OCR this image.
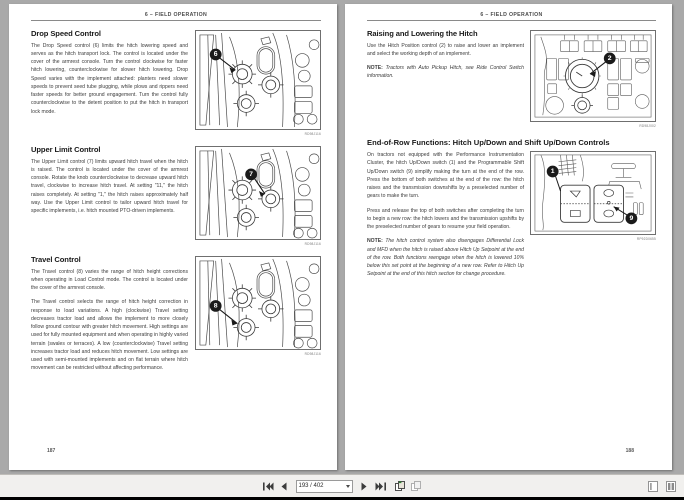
6 – FIELD OPERATION
Drop Speed Control

The Drop Speed control (6) limits the hitch lowering speed and serves as the hitch transport lock. The control is located under the cover of the armrest console. Turn the control clockwise for faster hitch lowering, counterclockwise for slower hitch lowering. Drop Speed varies with the implement attached: planters need slower speeds to prevent seed tube plugging, while plows and rippers need faster speeds for better ground engagement. Turn the control fully counterclockwise to the detent position to put the hitch in transport lock mode.

6
RD98J116
Upper Limit Control

The Upper Limit control (7) limits upward hitch travel when the hitch is raised. The control is located under the cover of the armrest console. Rotate the knob counterclockwise to decrease upward hitch travel, clockwise to increase hitch travel. At setting "11," the hitch raises completely. At setting "1," the hitch raises approximately half way. Use the Upper Limit control to tailor upward hitch travel for specific implements, i.e. hitch mounted PTO-driven implements.

7
RD98J116
Travel Control

The Travel control (8) varies the range of hitch height corrections when operating in Load Control mode. The control is located under the cover of the armrest console.

The Travel control selects the range of hitch height correction in response to load variations. A high (clockwise) Travel setting decreases tractor load and allows the implement to more closely follow ground contour with greater hitch movement. High settings are used for fully mounted equipment and when operating in highly varied terrain (swales or terraces). A low (counterclockwise) Travel setting increases tractor load and reduces hitch movement. Low settings are used with semi-mounted implements and on flat terrain where hitch movement can be restricted without affecting performance.

8
RD98J116
187
6 – FIELD OPERATION
Raising and Lowering the Hitch

Use the Hitch Position control (2) to raise and lower an implement and select the working depth of an implement.

NOTE: Tractors with Auto Pickup Hitch, see Ride Control Switch information.

2
RD98J002
End-of-Row Functions: Hitch Up/Down and Shift Up/Down Controls

On tractors not equipped with the Performance Instrumentation Cluster, the hitch Up/Down switch (1) and the Programmable Shift Up/Down switch (9) simplify making the turn at the end of the row. Press the bottom of both switches at the end of the row: the hitch raises and the transmission downshifts by a preselected number of gears to make the turn.

Press and release the top of both switches after completing the turn to begin a new row: the hitch lowers and the transmission upshifts by the preselected number of gears to resume your field operation.

NOTE: The hitch control system also disengages Differential Lock and MFD when the hitch is raised above Hitch Up Setpoint at the end of the row. Both functions reengage when the hitch is lowered 10% below this set point at the beginning of a new row. Refer to Hitch Up Setpoint at the end of this hitch section for change procedure.

1
9
RP92D0655
188
193 / 402
